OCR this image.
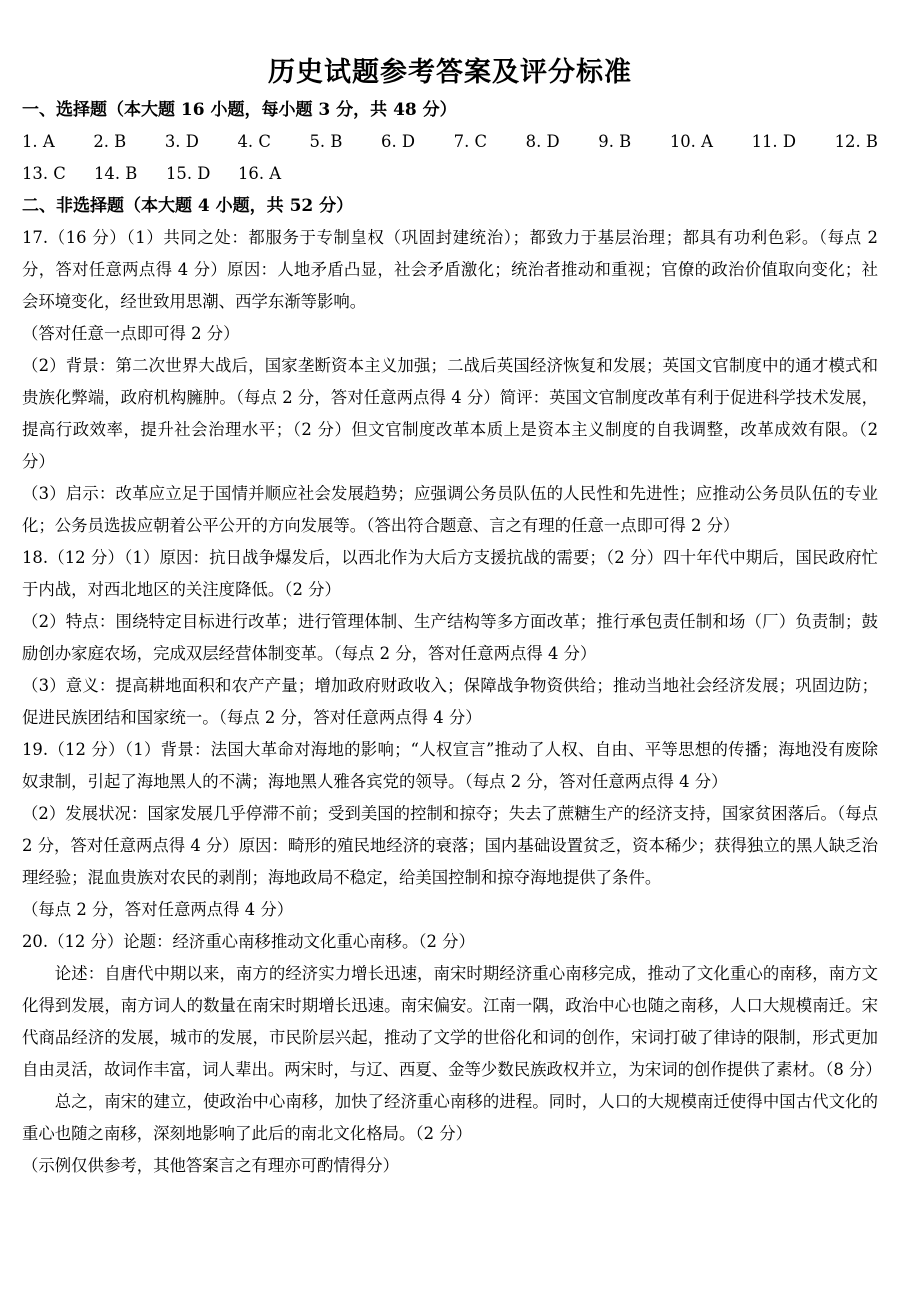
历史试题参考答案及评分标准

一、选择题（本大题 16 小题，每小题 3 分，共 48 分）

1. A 2. B 3. D 4. C 5. B 6. D 7. C 8. D 9. B 10. A 11. D 12. B
13. C	14. B	15. D	16. A

二、非选择题（本大题 4 小题，共 52 分）

17.（16 分）（1）共同之处：都服务于专制皇权（巩固封建统治）；都致力于基层治理；都具有功利色彩。（每点 2 分，答对任意两点得 4 分）原因：人地矛盾凸显，社会矛盾激化；统治者推动和重视；官僚的政治价值取向变化；社会环境变化，经世致用思潮、西学东渐等影响。

（答对任意一点即可得 2 分）

（2）背景：第二次世界大战后，国家垄断资本主义加强；二战后英国经济恢复和发展；英国文官制度中的通才模式和贵族化弊端，政府机构臃肿。（每点 2 分，答对任意两点得 4 分）简评：英国文官制度改革有利于促进科学技术发展，提高行政效率，提升社会治理水平；（2 分）但文官制度改革本质上是资本主义制度的自我调整，改革成效有限。（2 分）

（3）启示：改革应立足于国情并顺应社会发展趋势；应强调公务员队伍的人民性和先进性；应推动公务员队伍的专业化；公务员选拔应朝着公平公开的方向发展等。（答出符合题意、言之有理的任意一点即可得 2 分）

18.（12 分）（1）原因：抗日战争爆发后，以西北作为大后方支援抗战的需要；（2 分）四十年代中期后，国民政府忙于内战，对西北地区的关注度降低。（2 分）

（2）特点：围绕特定目标进行改革；进行管理体制、生产结构等多方面改革；推行承包责任制和场（厂）负责制；鼓励创办家庭农场，完成双层经营体制变革。（每点 2 分，答对任意两点得 4 分）

（3）意义：提高耕地面积和农产产量；增加政府财政收入；保障战争物资供给；推动当地社会经济发展；巩固边防；促进民族团结和国家统一。（每点 2 分，答对任意两点得 4 分）

19.（12 分）（1）背景：法国大革命对海地的影响；“人权宣言”推动了人权、自由、平等思想的传播；海地没有废除奴隶制，引起了海地黑人的不满；海地黑人雅各宾党的领导。（每点 2 分，答对任意两点得 4 分）

（2）发展状况：国家发展几乎停滞不前；受到美国的控制和掠夺；失去了蔗糖生产的经济支持，国家贫困落后。（每点 2 分，答对任意两点得 4 分）原因：畸形的殖民地经济的衰落；国内基础设置贫乏，资本稀少；获得独立的黑人缺乏治理经验；混血贵族对农民的剥削；海地政局不稳定，给美国控制和掠夺海地提供了条件。

（每点 2 分，答对任意两点得 4 分）

20.（12 分）论题：经济重心南移推动文化重心南移。（2 分）

论述：自唐代中期以来，南方的经济实力增长迅速，南宋时期经济重心南移完成，推动了文化重心的南移，南方文化得到发展，南方词人的数量在南宋时期增长迅速。南宋偏安。江南一隅，政治中心也随之南移，人口大规模南迁。宋代商品经济的发展，城市的发展，市民阶层兴起，推动了文学的世俗化和词的创作，宋词打破了律诗的限制，形式更加自由灵活，故词作丰富，词人辈出。两宋时，与辽、西夏、金等少数民族政权并立，为宋词的创作提供了素材。（8 分）

总之，南宋的建立，使政治中心南移，加快了经济重心南移的进程。同时，人口的大规模南迁使得中国古代文化的重心也随之南移，深刻地影响了此后的南北文化格局。（2 分）

（示例仅供参考，其他答案言之有理亦可酌情得分）
